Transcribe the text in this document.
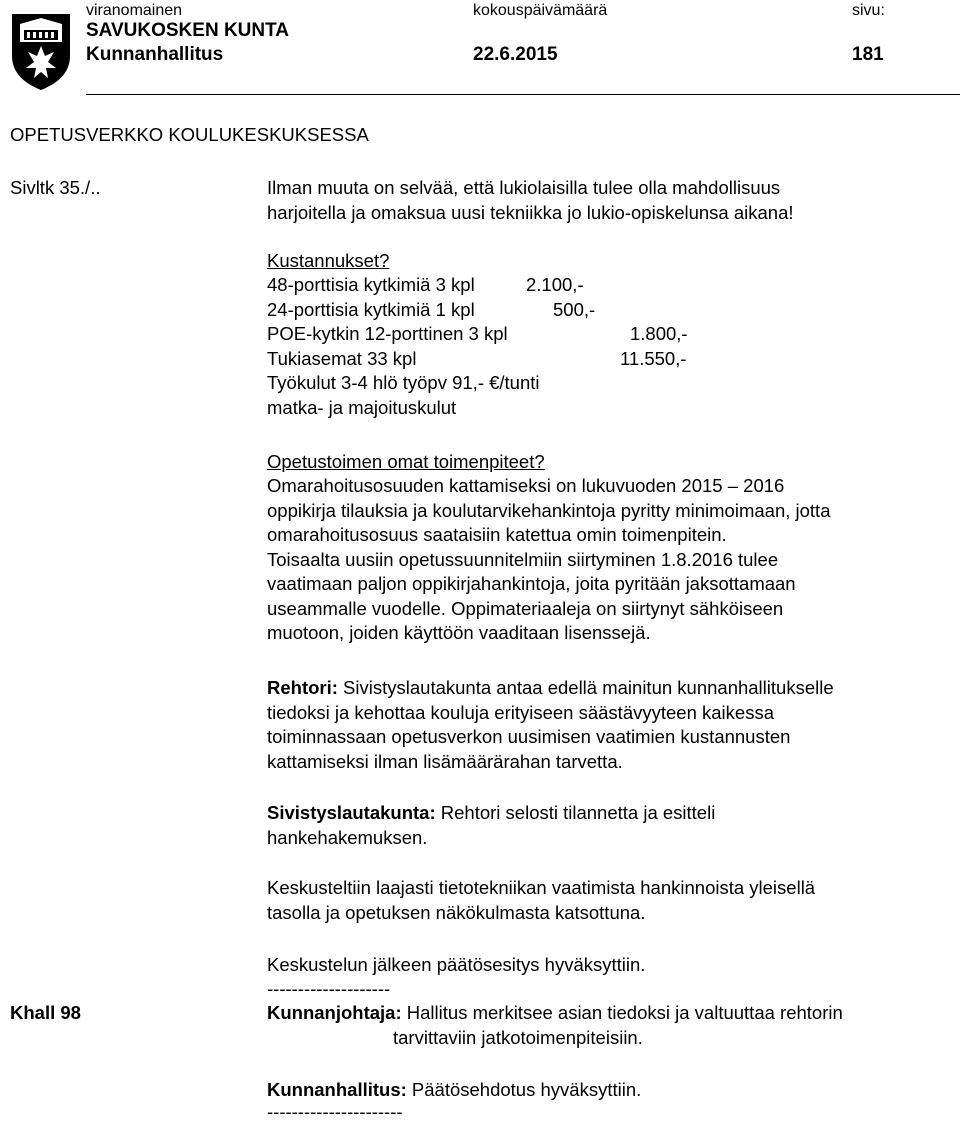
viranomainen	kokouspäivämäärä	sivu:
SAVUKOSKEN KUNTA
Kunnanhallitus	22.6.2015	181
OPETUSVERKKO KOULUKESKUKSESSA
Sivltk 35./..	Ilman muuta on selvää, että lukiolaisilla tulee olla mahdollisuus
harjoitella ja omaksua uusi tekniikka jo lukio-opiskelunsa aikana!
Kustannukset?
48-porttisia kytkimiä 3 kpl	2.100,-
24-porttisia kytkimiä 1 kpl	500,-
POE-kytkin 12-porttinen 3 kpl	1.800,-
Tukiasemat 33 kpl	11.550,-
Työkulut 3-4 hlö työpv 91,- €/tunti
matka- ja majoituskulut
Opetustoimen omat toimenpiteet?
Omarahoitusosuuden kattamiseksi on lukuvuoden 2015 – 2016
oppikirja tilauksia ja koulutarvikehankintoja pyritty minimoimaan, jotta
omarahoitusosuus saataisiin katettua omin toimenpitein.
Toisaalta uusiin opetussuunnitelmiin siirtyminen 1.8.2016 tulee
vaatimaan paljon oppikirjahankintoja, joita pyritään jaksottamaan
useammalle vuodelle. Oppimateriaaleja on siirtynyt sähköiseen
muotoon, joiden käyttöön vaaditaan lisenssejä.
Rehtori: Sivistyslautakunta antaa edellä mainitun kunnanhallitukselle
tiedoksi ja kehottaa kouluja erityiseen säästävyyteen kaikessa
toiminnassaan opetusverkon uusimisen vaatimien kustannusten
kattamiseksi ilman lisämäärärahan tarvetta.
Sivistyslautakunta: Rehtori selosti tilannetta ja esitteli
hankehakemuksen.
Keskusteltiin laajasti tietotekniikan vaatimista hankinnoista yleisellä
tasolla ja opetuksen näkökulmasta katsottuna.
Keskustelun jälkeen päätösesitys hyväksyttiin.
--------------------
Khall 98	Kunnanjohtaja: Hallitus merkitsee asian tiedoksi ja valtuuttaa rehtorin
tarvittaviin jatkotoimenpiteisiin.
Kunnanhallitus: Päätösehdotus hyväksyttiin.
----------------------
